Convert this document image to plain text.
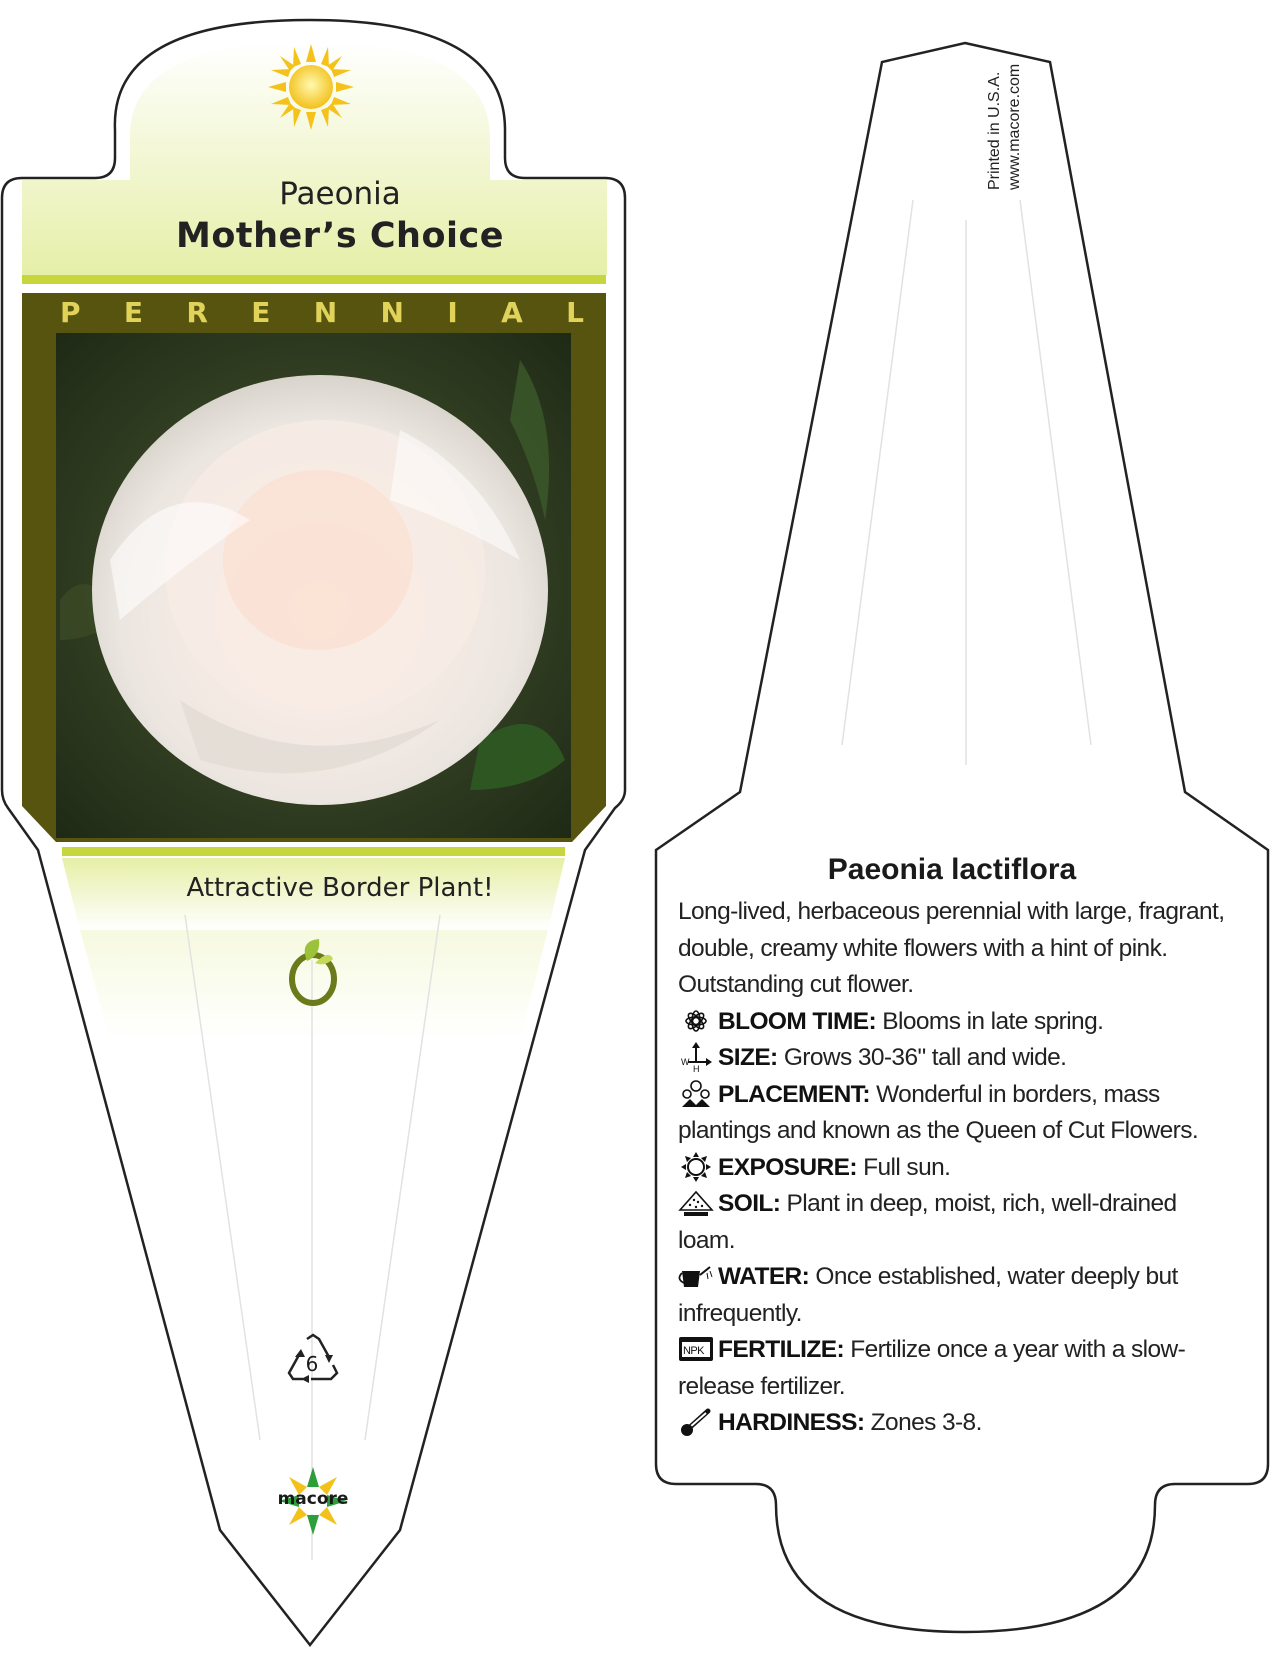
Paeonia
Mother’s Choice
P E R E N N I A L
Attractive Border Plant!
6
macore
Printed in U.S.A. www.macore.com
Paeonia lactiflora

Long-lived, herbaceous perennial with large, fragrant, double, creamy white flowers with a hint of pink. Outstanding cut flower.

BLOOM TIME: Blooms in late spring.

W
H SIZE: Grows 30-36" tall and wide.

PLACEMENT: Wonderful in borders, mass plantings and known as the Queen of Cut Flowers.

EXPOSURE: Full sun.

SOIL: Plant in deep, moist, rich, well-drained loam.

WATER: Once established, water deeply but infrequently.

NPK FERTILIZE: Fertilize once a year with a slow-release fertilizer.

HARDINESS: Zones 3-8.
